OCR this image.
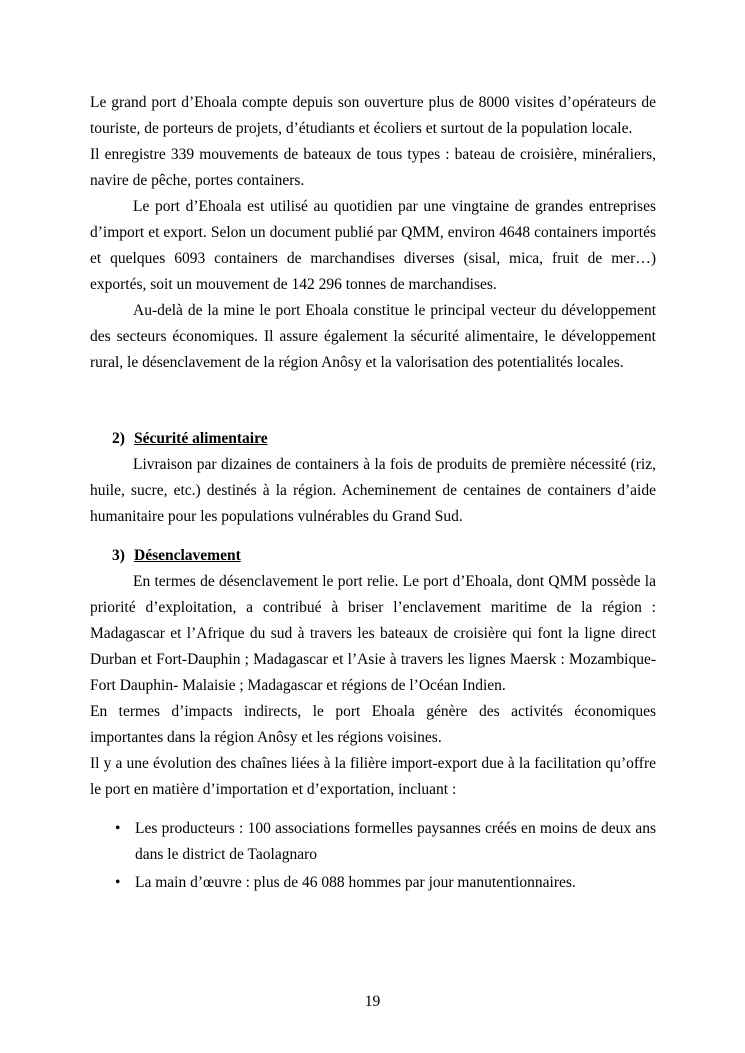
Le grand port d’Ehoala compte depuis son ouverture plus de 8000 visites d’opérateurs de touriste, de porteurs de projets, d’étudiants et écoliers et surtout de la population locale.

Il enregistre 339 mouvements de bateaux de tous types : bateau de croisière, minéraliers, navire de pêche, portes containers.

Le port d’Ehoala est utilisé au quotidien par une vingtaine de grandes entreprises d’import et export. Selon un document publié par QMM, environ 4648 containers importés et quelques 6093 containers de marchandises diverses (sisal, mica, fruit de mer…) exportés, soit un mouvement de 142 296 tonnes de marchandises.

Au-delà de la mine le port Ehoala constitue le principal vecteur du développement des secteurs économiques. Il assure également la sécurité alimentaire, le développement rural, le désenclavement de la région Anôsy et la valorisation des potentialités locales.

2) Sécurité alimentaire

Livraison par dizaines de containers à la fois de produits de première nécessité (riz, huile, sucre, etc.) destinés à la région. Acheminement de centaines de containers d’aide humanitaire pour les populations vulnérables du Grand Sud.

3) Désenclavement

En termes de désenclavement le port relie. Le port d’Ehoala, dont QMM possède la priorité d’exploitation, a contribué à briser l’enclavement maritime de la région : Madagascar et l’Afrique du sud à travers les bateaux de croisière qui font la ligne direct Durban et Fort-Dauphin ; Madagascar et l’Asie à travers les lignes Maersk : Mozambique- Fort Dauphin- Malaisie ; Madagascar et régions de l’Océan Indien.

En termes d’impacts indirects, le port Ehoala génère des activités économiques importantes dans la région Anôsy et les régions voisines.

Il y a une évolution des chaînes liées à la filière import-export due à la facilitation qu’offre le port en matière d’importation et d’exportation, incluant :

• Les producteurs : 100 associations formelles paysannes créés en moins de deux ans dans le district de Taolagnaro
• La main d’œuvre : plus de 46 088 hommes par jour manutentionnaires.
19
